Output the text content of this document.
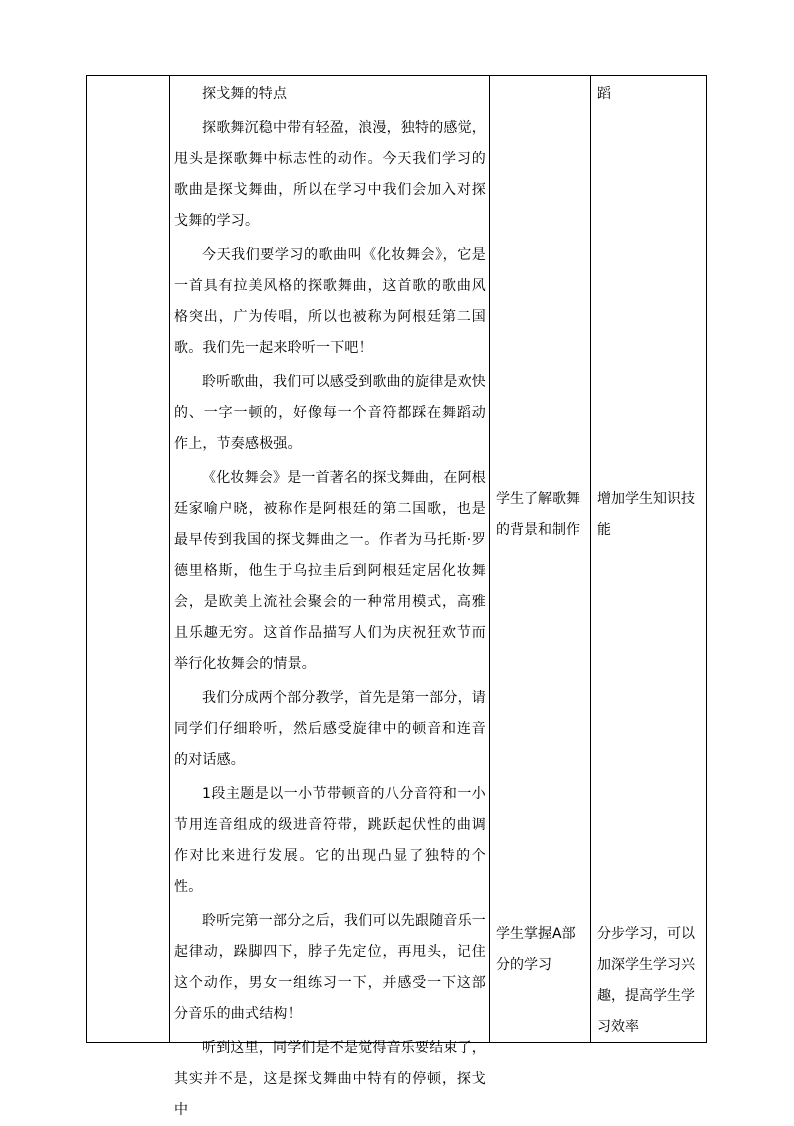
探戈舞的特点

探歌舞沉稳中带有轻盈，浪漫，独特的感觉，甩头是探歌舞中标志性的动作。今天我们学习的歌曲是探戈舞曲，所以在学习中我们会加入对探戈舞的学习。

今天我们要学习的歌曲叫《化妆舞会》，它是一首具有拉美风格的探歌舞曲，这首歌的歌曲风格突出，广为传唱，所以也被称为阿根廷第二国歌。我们先一起来聆听一下吧！

聆听歌曲，我们可以感受到歌曲的旋律是欢快的、一字一顿的，好像每一个音符都踩在舞蹈动作上，节奏感极强。

《化妆舞会》是一首著名的探戈舞曲，在阿根廷家喻户晓，被称作是阿根廷的第二国歌，也是最早传到我国的探戈舞曲之一。作者为马托斯·罗德里格斯，他生于乌拉圭后到阿根廷定居化妆舞会，是欧美上流社会聚会的一种常用模式，高雅且乐趣无穷。这首作品描写人们为庆祝狂欢节而举行化妆舞会的情景。

我们分成两个部分教学，首先是第一部分，请同学们仔细聆听，然后感受旋律中的顿音和连音的对话感。

1段主题是以一小节带顿音的八分音符和一小节用连音组成的级进音符带，跳跃起伏性的曲调作对比来进行发展。它的出现凸显了独特的个性。

聆听完第一部分之后，我们可以先跟随音乐一起律动，跺脚四下，脖子先定位，再甩头，记住这个动作，男女一组练习一下，并感受一下这部分音乐的曲式结构！

听到这里，同学们是不是觉得音乐要结束了，其实并不是，这是探戈舞曲中特有的停顿，探戈中

学生了解歌舞的背景和制作

学生掌握A部分的学习

蹈

增加学生知识技能

分步学习，可以加深学生学习兴趣，提高学生学习效率
